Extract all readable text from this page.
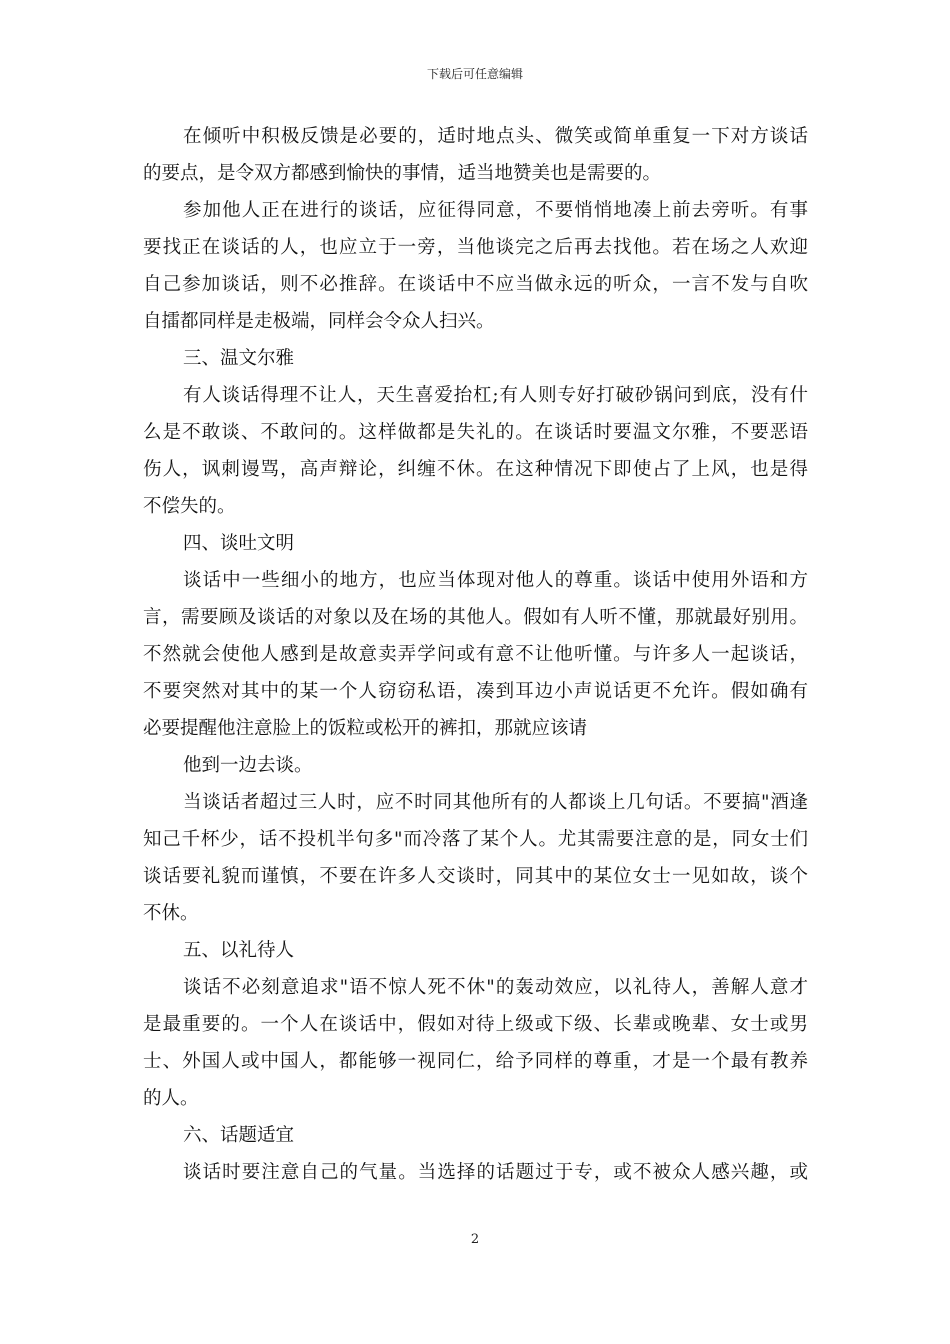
下载后可任意编辑
在倾听中积极反馈是必要的，适时地点头、微笑或简单重复一下对方谈话
的要点，是令双方都感到愉快的事情，适当地赞美也是需要的。
参加他人正在进行的谈话，应征得同意，不要悄悄地凑上前去旁听。有事
要找正在谈话的人，也应立于一旁，当他谈完之后再去找他。若在场之人欢迎
自己参加谈话，则不必推辞。在谈话中不应当做永远的听众，一言不发与自吹
自擂都同样是走极端，同样会令众人扫兴。
三、温文尔雅
有人谈话得理不让人，天生喜爱抬杠;有人则专好打破砂锅问到底，没有什
么是不敢谈、不敢问的。这样做都是失礼的。在谈话时要温文尔雅，不要恶语
伤人，讽刺谩骂，高声辩论，纠缠不休。在这种情况下即使占了上风，也是得
不偿失的。
四、谈吐文明
谈话中一些细小的地方，也应当体现对他人的尊重。谈话中使用外语和方
言，需要顾及谈话的对象以及在场的其他人。假如有人听不懂，那就最好别用。
不然就会使他人感到是故意卖弄学问或有意不让他听懂。与许多人一起谈话，
不要突然对其中的某一个人窃窃私语，凑到耳边小声说话更不允许。假如确有
必要提醒他注意脸上的饭粒或松开的裤扣，那就应该请
他到一边去谈。
当谈话者超过三人时，应不时同其他所有的人都谈上几句话。不要搞"酒逢
知己千杯少，话不投机半句多"而冷落了某个人。尤其需要注意的是，同女士们
谈话要礼貌而谨慎，不要在许多人交谈时，同其中的某位女士一见如故，谈个
不休。
五、以礼待人
谈话不必刻意追求"语不惊人死不休"的轰动效应，以礼待人，善解人意才
是最重要的。一个人在谈话中，假如对待上级或下级、长辈或晚辈、女士或男
士、外国人或中国人，都能够一视同仁，给予同样的尊重，才是一个最有教养
的人。
六、话题适宜
谈话时要注意自己的气量。当选择的话题过于专，或不被众人感兴趣，或
2
